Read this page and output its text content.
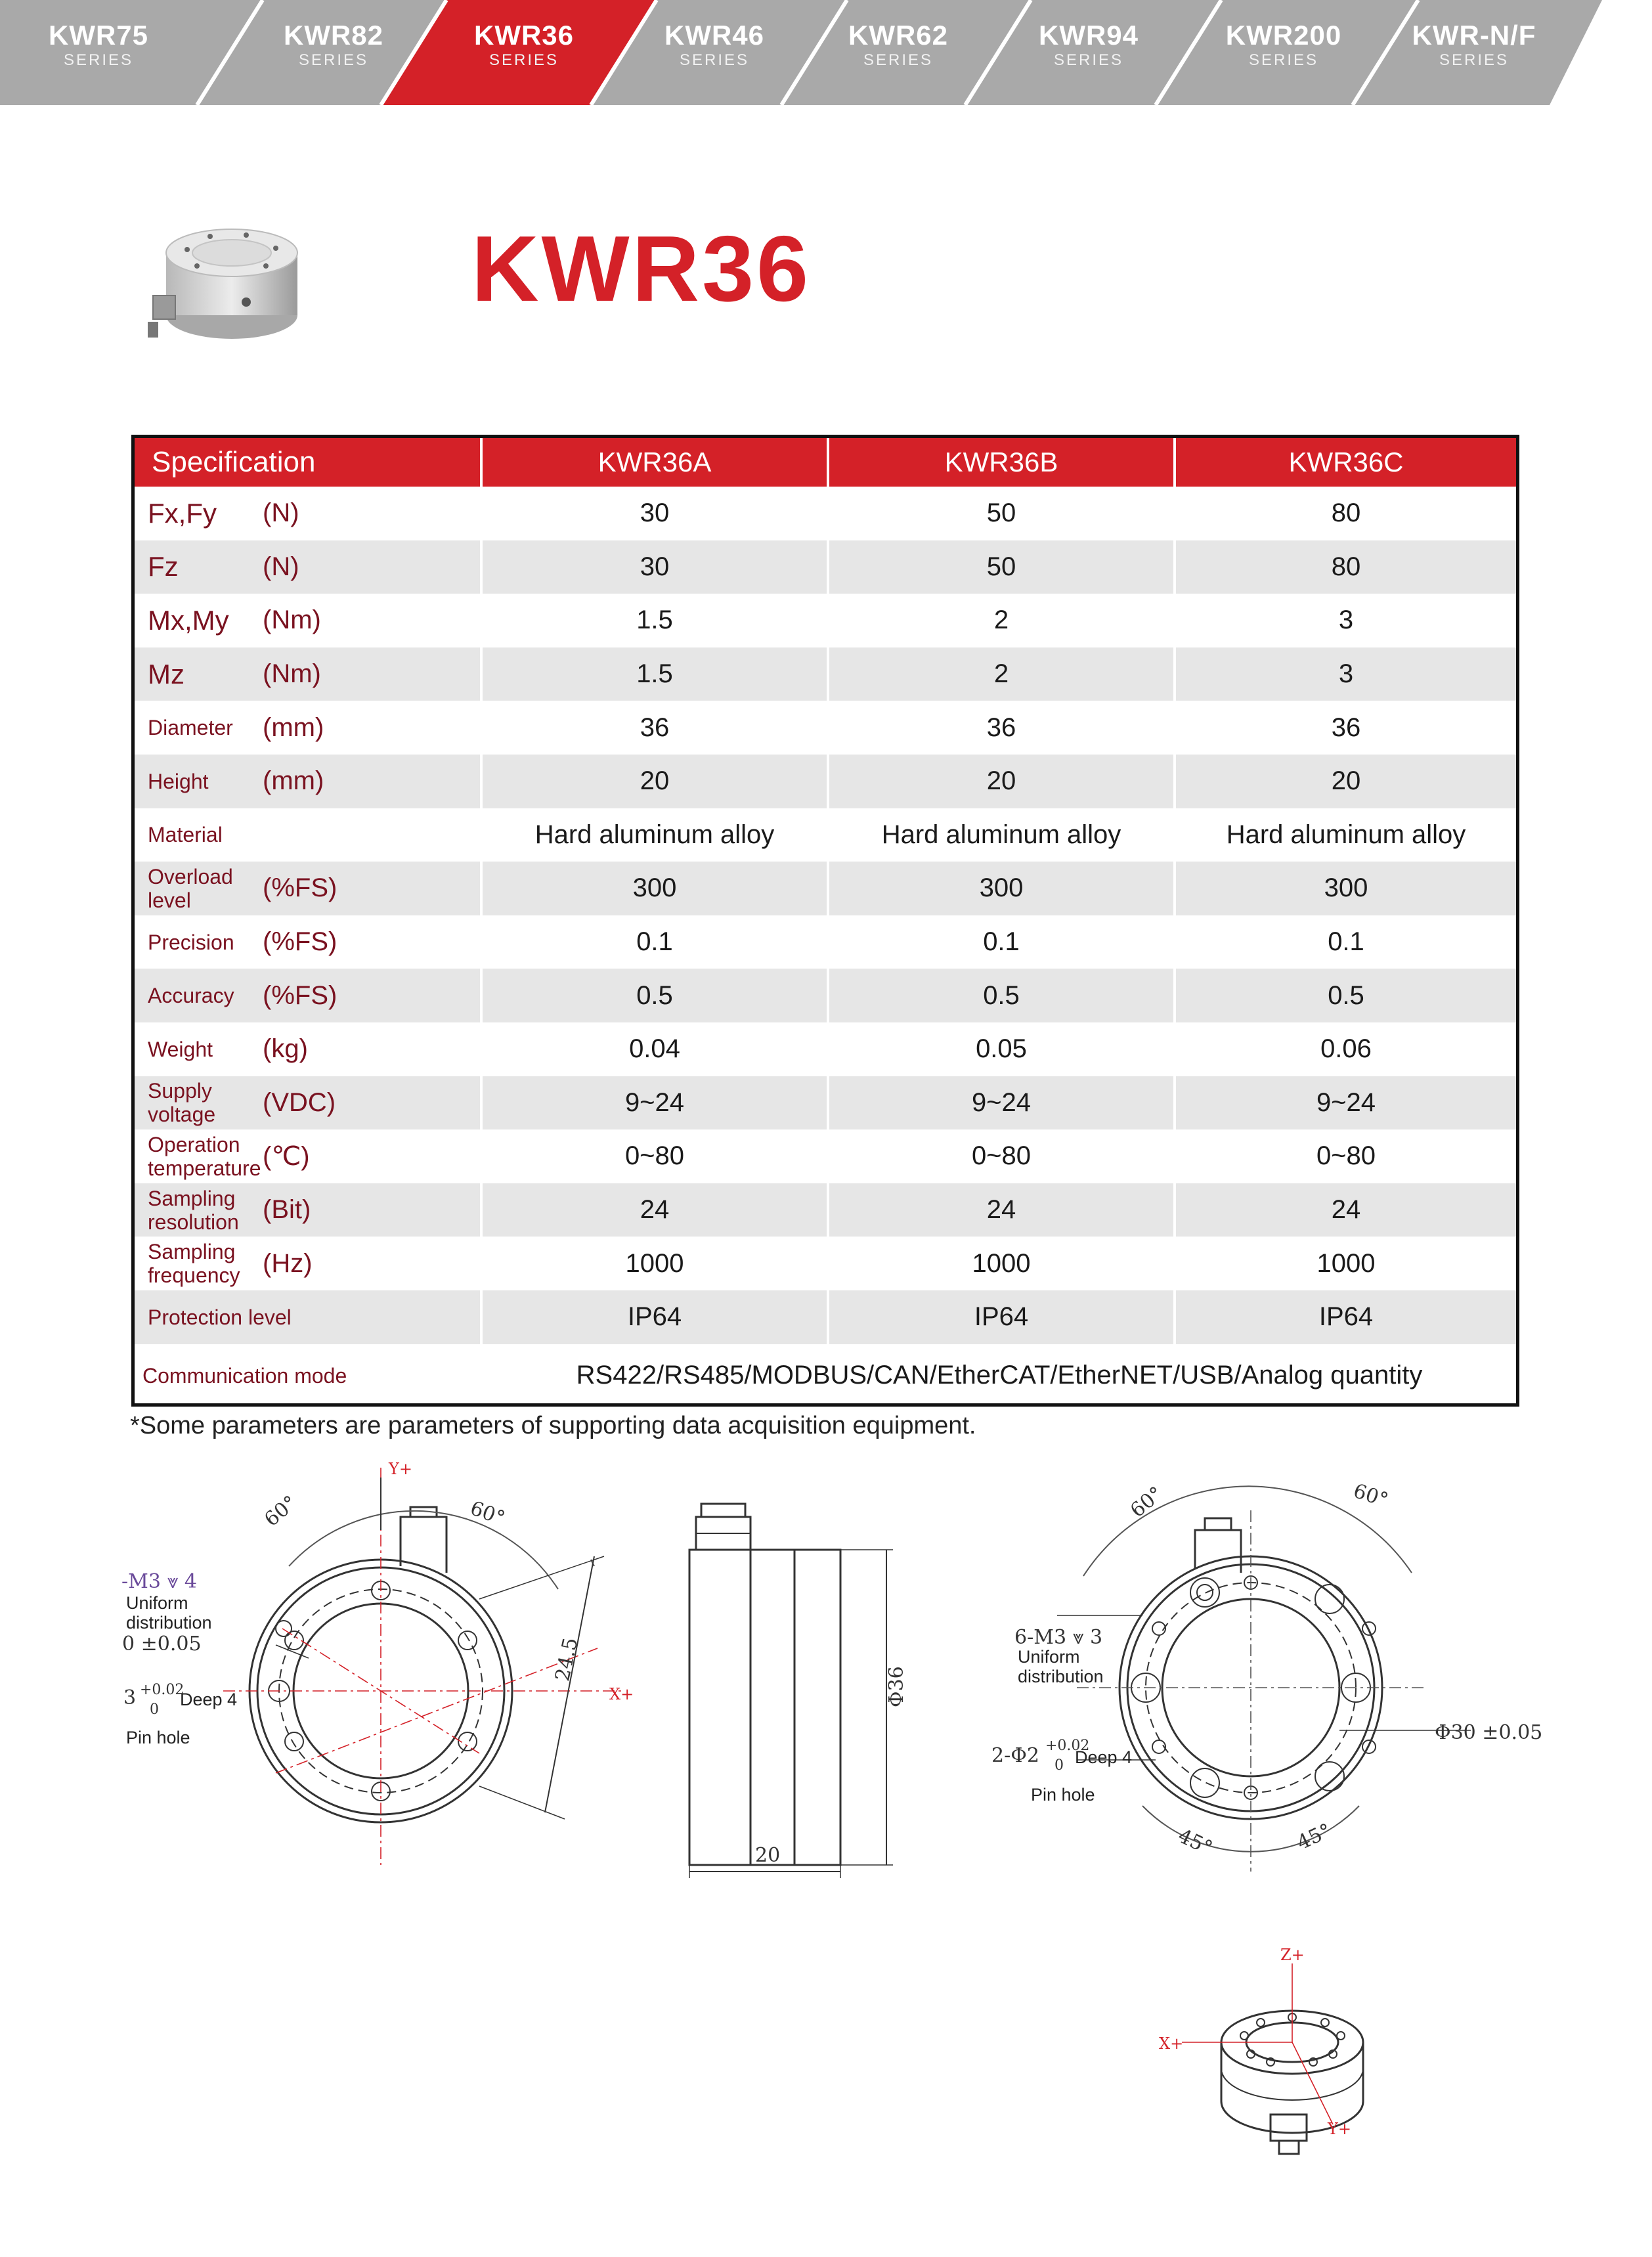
KWR75
SERIES
KWR82
SERIES
KWR36
SERIES
KWR46
SERIES
KWR62
SERIES
KWR94
SERIES
KWR200
SERIES
KWR-N/F
SERIES
KWR36
Specification	KWR36A	KWR36B	KWR36C
Fx,Fy (N)	30	50	80
Fz	(N)	30	50	80
Mx,My (Nm)	1.5	2	3
Mz	(Nm)	1.5	2	3
Diameter (mm)	36	36	36
Height (mm)	20	20	20
Material	Hard aluminum alloy	Hard aluminum alloy	Hard aluminum alloy
Overload level	(%FS)	300	300	300
Precision (%FS)	0.1	0.1	0.1
Accuracy (%FS)	0.5	0.5	0.5
Weight (kg)	0.04	0.05	0.06
Supply voltage	(VDC)	9~24	9~24	9~24
Operation temperature (℃)	0~80	0~80	0~80
Sampling resolution (Bit)	24	24	24
Sampling frequency (Hz)	1000	1000	1000
Protection level	IP64	IP64	IP64
Communication mode	RS422/RS485/MODBUS/CAN/EtherCAT/EtherNET/USB/Analog quantity
*Some parameters are parameters of supporting data acquisition equipment.
Y+
X+
60°	60°
24.5
-M3 ⩔ 4
Uniform
distribution
0 ±0.05
3 +0.02
0
Deep 4
Pin hole
Φ36
20
60°	60°
6-M3 ⩔ 3
Uniform
distribution
Φ30 ±0.05
2-Φ2 +0.02
0 Deep 4
Pin hole
45°	45°
Z+
X+
Y+
